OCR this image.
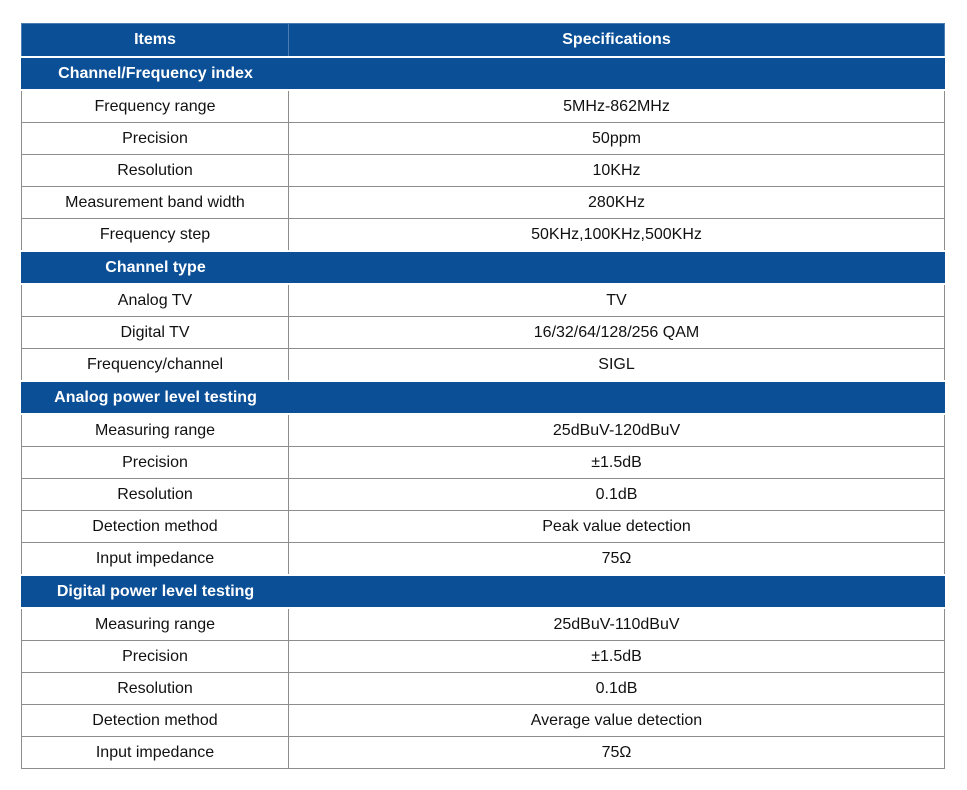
Items	Specifications
Channel/Frequency index	
Frequency range	5MHz-862MHz
Precision	50ppm
Resolution	10KHz
Measurement band width	280KHz
Frequency step	50KHz,100KHz,500KHz
Channel type	
Analog TV	TV
Digital TV	16/32/64/128/256 QAM
Frequency/channel	SIGL
Analog power level testing	
Measuring range	25dBuV-120dBuV
Precision	±1.5dB
Resolution	0.1dB
Detection method	Peak value detection
Input impedance	75Ω
Digital power level testing	
Measuring range	25dBuV-110dBuV
Precision	±1.5dB
Resolution	0.1dB
Detection method	Average value detection
Input impedance	75Ω
